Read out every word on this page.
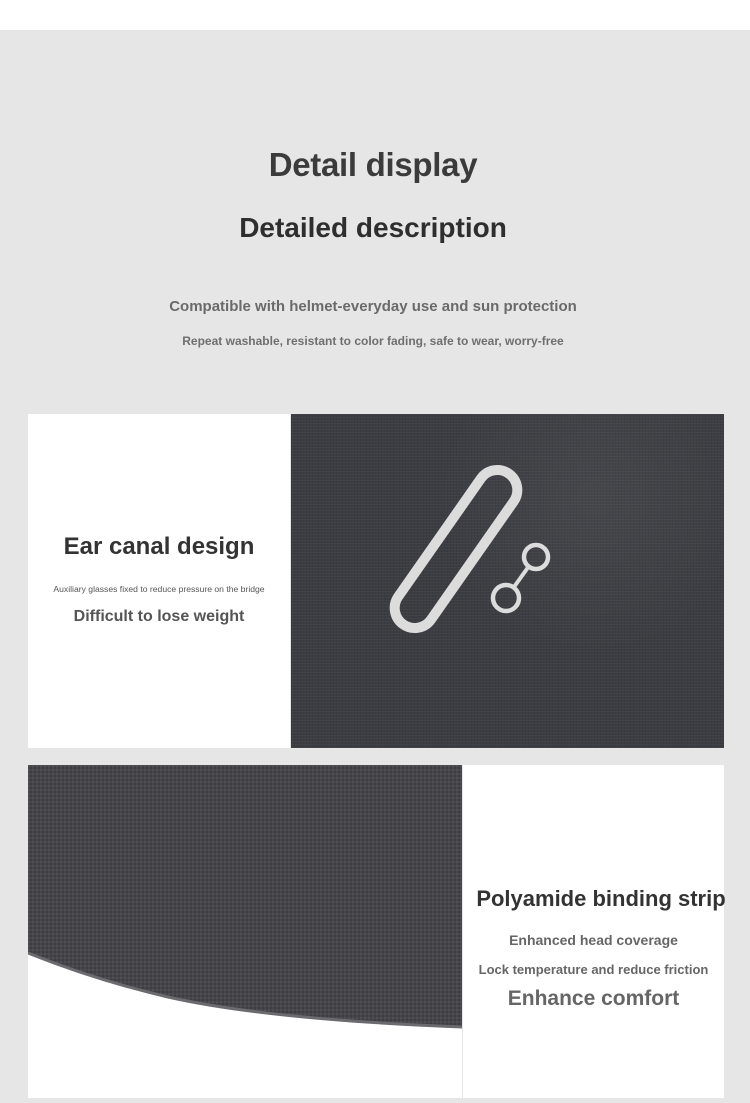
Detail display
Detailed description
Compatible with helmet-everyday use and sun protection
Repeat washable, resistant to color fading, safe to wear, worry-free
Ear canal design
Auxiliary glasses fixed to reduce pressure on the bridge
Difficult to lose weight
Polyamide binding strip
Enhanced head coverage
Lock temperature and reduce friction
Enhance comfort
